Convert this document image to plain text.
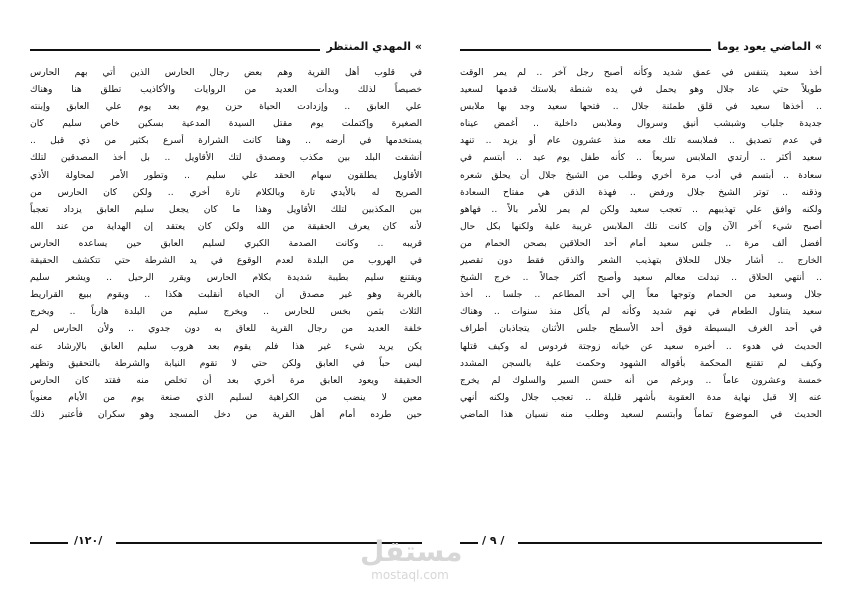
» المهدي المنتظر
في قلوب أهل القرية وهم بعض رجال الحارس الذين أتي بهم الحارس
خصيصاً لذلك وبدأت العديد من الروايات والأكاذيب تطلق هنا وهناك
علي العابق .. وإزدادت الحياة حزن يوم بعد يوم علي العابق وإبنته
الصغيرة وإكتملت يوم مقتل السيدة المدعية بسكين خاص سليم كان
يستخدمها في أرضه .. وهنا كانت الشرارة أسرع بكثير من ذي قبل ..
أنشقت البلد بين مكذب ومصدق لتك الأقاويل .. بل أخذ المصدقين لتلك
الأقاويل يطلقون سهام الحقد علي سليم .. وتطور الأمر لمحاولة الأذي
الصريح له بالأيدي تارة وبالكلام تارة أخري .. ولكن كان الحارس من
بين المكذبين لتلك الأقاويل وهذا ما كان يجعل سليم العابق يزداد تعجباً
لأنه كان يعرف الحقيقة من الله ولكن كان يعتقد إن الهداية من عند الله
قريبه .. وكانت الصدمة الكبري لسليم العابق حين يساعده الحارس
في الهروب من البلدة لعدم الوقوع في يد الشرطة حتي تتكشف الحقيقة
ويقتنع سليم بطيبة شديدة بكلام الحارس ويقرر الرحيل .. ويشعر سليم
بالغربة وهو غير مصدق أن الحياة أنقلبت هكذا .. ويقوم ببيع القراريط
الثلاث بثمن بخس للحارس .. ويخرج سليم من البلدة هارباً .. ويخرج
خلفة العديد من رجال القرية للعاق به دون جدوي .. ولأن الحارس لم
يكن يريد شيء غير هذا فلم يقوم بعد هروب سليم العابق بالإرشاد عنه
ليس حباً في العابق ولكن حتي لا تقوم النيابة والشرطة بالتحقيق وتظهر
الحقيقة ويعود العابق مرة أخري بعد أن تخلص منه فقتد كان الحارس
معين لا ينضب من الكراهية لسليم الذي صنعة يوم من الأيام معنوياً
حين طرده أمام أهل القرية من دخل المسجد وهو سكران فأعتبر ذلك
/١٢٠/
» الماضي يعود يوما
أخذ سعيد يتنفس في عمق شديد وكأنه أصبح رجل آخر .. لم يمر الوقت
طويلاً حتي عاد جلال وهو يحمل في يده شنطة بلاستك قدمها لسعيد
.. أخذها سعيد في قلق طمئنة جلال .. فتحها سعيد وجد بها ملابس
جديدة جلباب وشبشب أنيق وسروال وملابس داخلية .. أغمض عيناه
في عدم تصديق .. فملابسه تلك معه منذ عشرون عام أو يزيد .. تنهد
سعيد أكثر .. أرتدي الملابس سريعاً .. كأنه طفل يوم عيد .. أبتسم في
سعادة .. أبتسم في أدب مرة أخري وطلب من الشيخ جلال أن يحلق شعره
وذقنه .. توتر الشيخ جلال ورفض .. فهذة الذقن هي مفتاح السعادة
ولكنه وافق علي تهذيبهم .. تعجب سعيد ولكن لم يمر للأمر بالاً .. فهاهو
أصبح شيء آخر الآن وإن كانت تلك الملابس غريبة علية ولكنها بكل حال
أفضل ألف مرة .. جلس سعيد أمام أحد الحلاقين بصحن الحمام من
الخارج .. أشار جلال للحلاق بتهذيب الشعر والذقن فقط دون تقصير
.. أنتهي الحلاق .. تبدلت معالم سعيد وأصبح أكثر جمالاً .. خرج الشيخ
جلال وسعيد من الحمام وتوجها معاً إلي أحد المطاعم .. جلسا .. أخذ
سعيد يتناول الطعام في نهم شديد وكأنه لم يأكل منذ سنوات .. وهناك
في أحد الغرف البسيطة فوق أحد الأسطح جلس الأثنان يتجاذبان أطراف
الحديث في هدوء .. أخبره سعيد عن خيانه زوجتة فردوس له وكيف قتلها
وكيف لم تقتنع المحكمة بأقواله الشهود وحكمت علية بالسجن المشدد
خمسة وعشرون عاماً .. وبرغم من أنه حسن السير والسلوك لم يخرج
عنه إلا قبل نهاية مدة العقوبة بأشهر قليلة .. تعجب جلال ولكنه أنهي
الحديث في الموضوع تماماً وأبتسم لسعيد وطلب منه نسيان هذا الماضي
/ ٩ /
مستقل
mostaql.com
